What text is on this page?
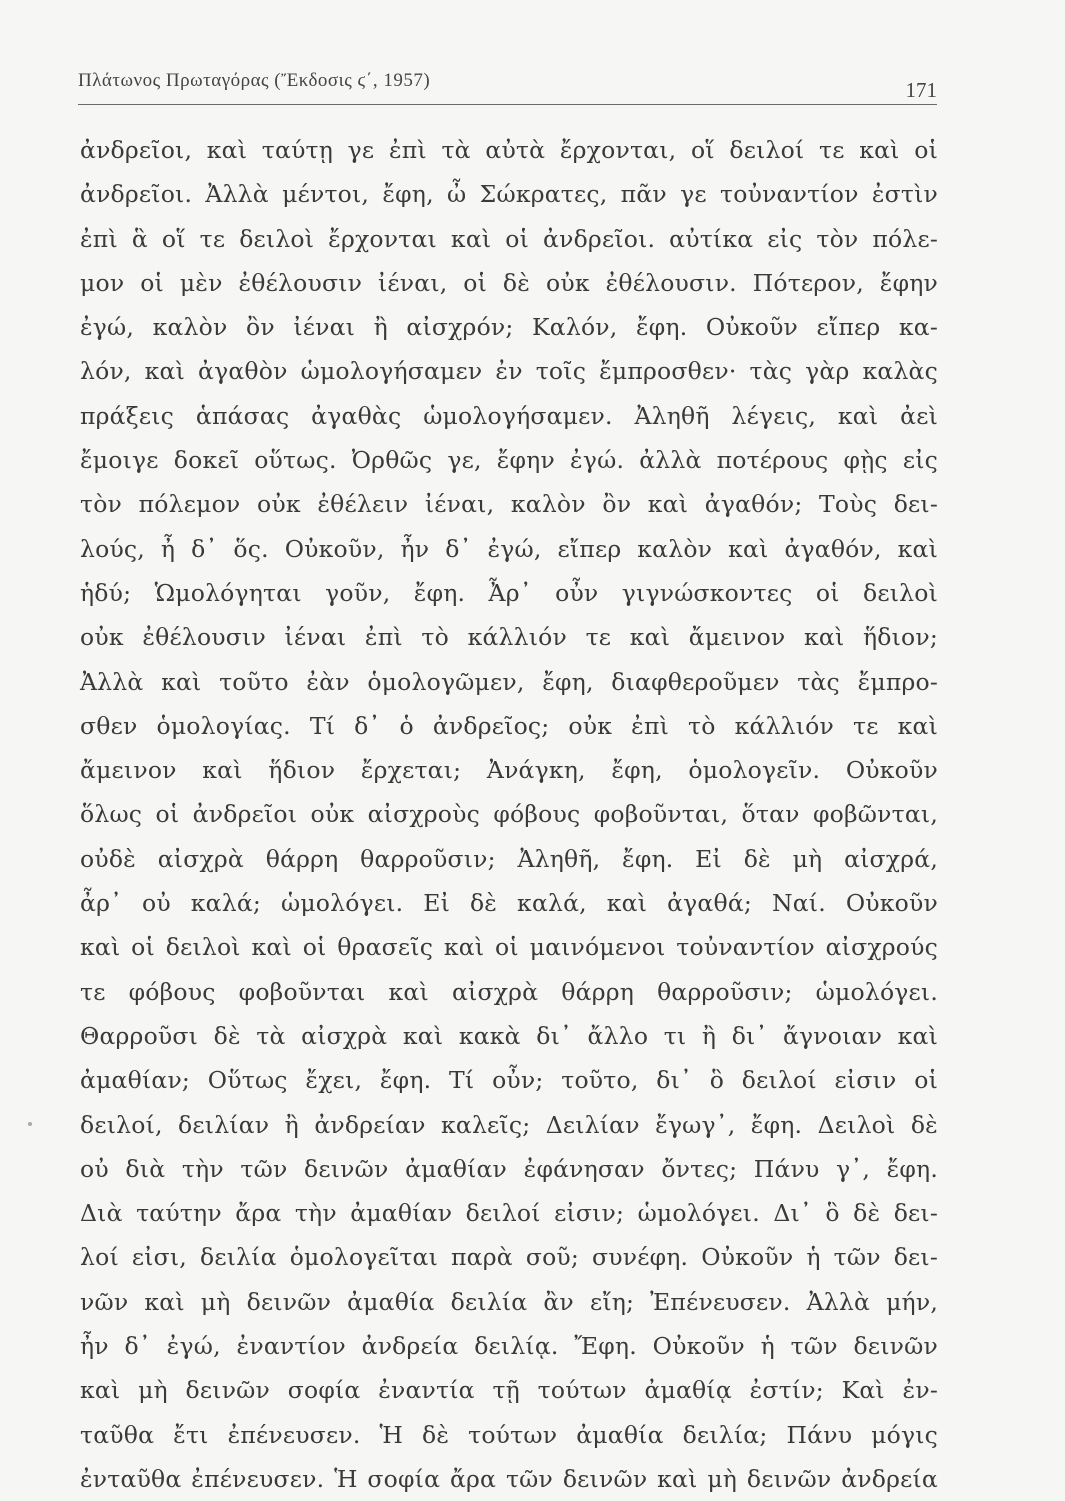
Πλάτωνος Πρωταγόρας (Ἔκδοσις ϛ΄, 1957)	171
ἀνδρεῖοι, καὶ ταύτῃ γε ἐπὶ τὰ αὐτὰ ἔρχονται, οἵ δειλοί τε καὶ οἱ
ἀνδρεῖοι. Ἀλλὰ μέντοι, ἔφη, ὦ Σώκρατες, πᾶν γε τοὐναντίον ἐστὶν
ἐπὶ ἃ οἵ τε δειλοὶ ἔρχονται καὶ οἱ ἀνδρεῖοι. αὐτίκα εἰς τὸν πόλε-
μον οἱ μὲν ἐθέλουσιν ἰέναι, οἱ δὲ οὐκ ἐθέλουσιν. Πότερον, ἔφην
ἐγώ, καλὸν ὂν ἰέναι ἢ αἰσχρόν; Καλόν, ἔφη. Οὐκοῦν εἴπερ κα-
λόν, καὶ ἀγαθὸν ὡμολογήσαμεν ἐν τοῖς ἔμπροσθεν· τὰς γὰρ καλὰς
πράξεις ἁπάσας ἀγαθὰς ὡμολογήσαμεν. Ἀληθῆ λέγεις, καὶ ἀεὶ
ἔμοιγε δοκεῖ οὕτως. Ὀρθῶς γε, ἔφην ἐγώ. ἀλλὰ ποτέρους φῂς εἰς
τὸν πόλεμον οὐκ ἐθέλειν ἰέναι, καλὸν ὂν καὶ ἀγαθόν; Τοὺς δει-
λούς, ἦ δ᾽ ὅς. Οὐκοῦν, ἦν δ᾽ ἐγώ, εἴπερ καλὸν καὶ ἀγαθόν, καὶ
ἡδύ; Ὡμολόγηται γοῦν, ἔφη. Ἆρ᾽ οὖν γιγνώσκοντες οἱ δειλοὶ
οὐκ ἐθέλουσιν ἰέναι ἐπὶ τὸ κάλλιόν τε καὶ ἄμεινον καὶ ἥδιον;
Ἀλλὰ καὶ τοῦτο ἐὰν ὁμολογῶμεν, ἔφη, διαφθεροῦμεν τὰς ἔμπρο-
σθεν ὁμολογίας. Τί δ᾽ ὁ ἀνδρεῖος; οὐκ ἐπὶ τὸ κάλλιόν τε καὶ
ἄμεινον καὶ ἥδιον ἔρχεται; Ἀνάγκη, ἔφη, ὁμολογεῖν. Οὐκοῦν
ὅλως οἱ ἀνδρεῖοι οὐκ αἰσχροὺς φόβους φοβοῦνται, ὅταν φοβῶνται,
οὐδὲ αἰσχρὰ θάρρη θαρροῦσιν; Ἀληθῆ, ἔφη. Εἰ δὲ μὴ αἰσχρά,
ἆρ᾽ οὐ καλά; ὡμολόγει. Εἰ δὲ καλά, καὶ ἀγαθά; Ναί. Οὐκοῦν
καὶ οἱ δειλοὶ καὶ οἱ θρασεῖς καὶ οἱ μαινόμενοι τοὐναντίον αἰσχρούς
τε φόβους φοβοῦνται καὶ αἰσχρὰ θάρρη θαρροῦσιν; ὡμολόγει.
Θαρροῦσι δὲ τὰ αἰσχρὰ καὶ κακὰ δι᾽ ἄλλο τι ἢ δι᾽ ἄγνοιαν καὶ
ἀμαθίαν; Οὕτως ἔχει, ἔφη. Τί οὖν; τοῦτο, δι᾽ ὃ δειλοί εἰσιν οἱ
δειλοί, δειλίαν ἢ ἀνδρείαν καλεῖς; Δειλίαν ἔγωγ᾽, ἔφη. Δειλοὶ δὲ
οὐ διὰ τὴν τῶν δεινῶν ἀμαθίαν ἐφάνησαν ὄντες; Πάνυ γ᾽, ἔφη.
Διὰ ταύτην ἄρα τὴν ἀμαθίαν δειλοί εἰσιν; ὡμολόγει. Δι᾽ ὃ δὲ δει-
λοί εἰσι, δειλία ὁμολογεῖται παρὰ σοῦ; συνέφη. Οὐκοῦν ἡ τῶν δει-
νῶν καὶ μὴ δεινῶν ἀμαθία δειλία ἂν εἴη; Ἐπένευσεν. Ἀλλὰ μήν,
ἦν δ᾽ ἐγώ, ἐναντίον ἀνδρεία δειλίᾳ. Ἔφη. Οὐκοῦν ἡ τῶν δεινῶν
καὶ μὴ δεινῶν σοφία ἐναντία τῇ τούτων ἀμαθίᾳ ἐστίν; Καὶ ἐν-
ταῦθα ἔτι ἐπένευσεν. Ἡ δὲ τούτων ἀμαθία δειλία; Πάνυ μόγις
ἐνταῦθα ἐπένευσεν. Ἡ σοφία ἄρα τῶν δεινῶν καὶ μὴ δεινῶν ἀνδρεία
